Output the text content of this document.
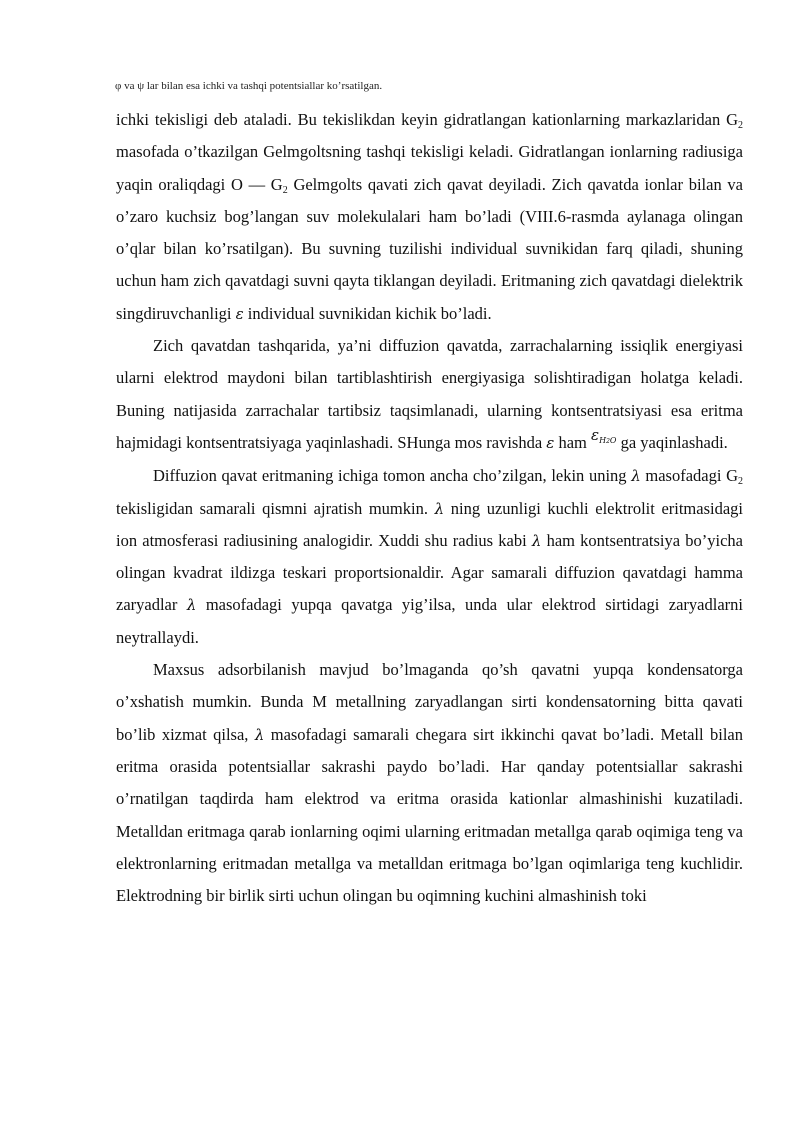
φ va ψ lar bilan esa ichki va tashqi potentsiallar ko’rsatilgan.

ichki tekisligi deb ataladi. Bu tekislikdan keyin gidratlangan kationlarning markazlaridan $G_2$ masofada o’tkazilgan Gelmgoltsning tashqi tekisligi keladi. Gidratlangan ionlarning radiusiga yaqin oraliqdagi O — $G_2$ Gelmgolts qavati zich qavat deyiladi. Zich qavatda ionlar bilan va o’zaro kuchsiz bog’langan suv molekulalari ham bo’ladi (VIII.6-rasmda aylanaga olingan o’qlar bilan ko’rsatilgan). Bu suvning tuzilishi individual suvnikidan farq qiladi, shuning uchun ham zich qavatdagi suvni qayta tiklangan deyiladi. Eritmaning zich qavatdagi dielektrik singdiruvchanligi ε individual suvnikidan kichik bo’ladi.

Zich qavatdan tashqarida, ya’ni diffuzion qavatda, zarrachalarning issiqlik energiyasi ularni elektrod maydoni bilan tartiblashtirish energiyasiga solishtiradigan holatga keladi. Buning natijasida zarrachalar tartibsiz taqsimlanadi, ularning kontsentratsiyasi esa eritma hajmidagi kontsentratsiyaga yaqinlashadi. SHunga mos ravishda ε ham $^{\varepsilon_{H2O}}$ ga yaqinlashadi.

Diffuzion qavat eritmaning ichiga tomon ancha cho’zilgan, lekin uning λ masofadagi $G_2$ tekisligidan samarali qismni ajratish mumkin. λ ning uzunligi kuchli elektrolit eritmasidagi ion atmosferasi radiusining analogidir. Xuddi shu radius kabi λ ham kontsentratsiya bo’yicha olingan kvadrat ildizga teskari proportsionaldir. Agar samarali diffuzion qavatdagi hamma zaryadlar λ masofadagi yupqa qavatga yig’ilsa, unda ular elektrod sirtidagi zaryadlarni neytrallaydi.

Maxsus adsorbilanish mavjud bo’lmaganda qo’sh qavatni yupqa kondensatorga o’xshatish mumkin. Bunda M metallning zaryadlangan sirti kondensatorning bitta qavati bo’lib xizmat qilsa, λ masofadagi samarali chegara sirt ikkinchi qavat bo’ladi. Metall bilan eritma orasida potentsiallar sakrashi paydo bo’ladi. Har qanday potentsiallar sakrashi o’rnatilgan taqdirda ham elektrod va eritma orasida kationlar almashinishi kuzatiladi. Metalldan eritmaga qarab ionlarning oqimi ularning eritmadan metallga qarab oqimiga teng va elektronlarning eritmadan metallga va metalldan eritmaga bo’lgan oqimlariga teng kuchlidir. Elektrodning bir birlik sirti uchun olingan bu oqimning kuchini almashinish toki
